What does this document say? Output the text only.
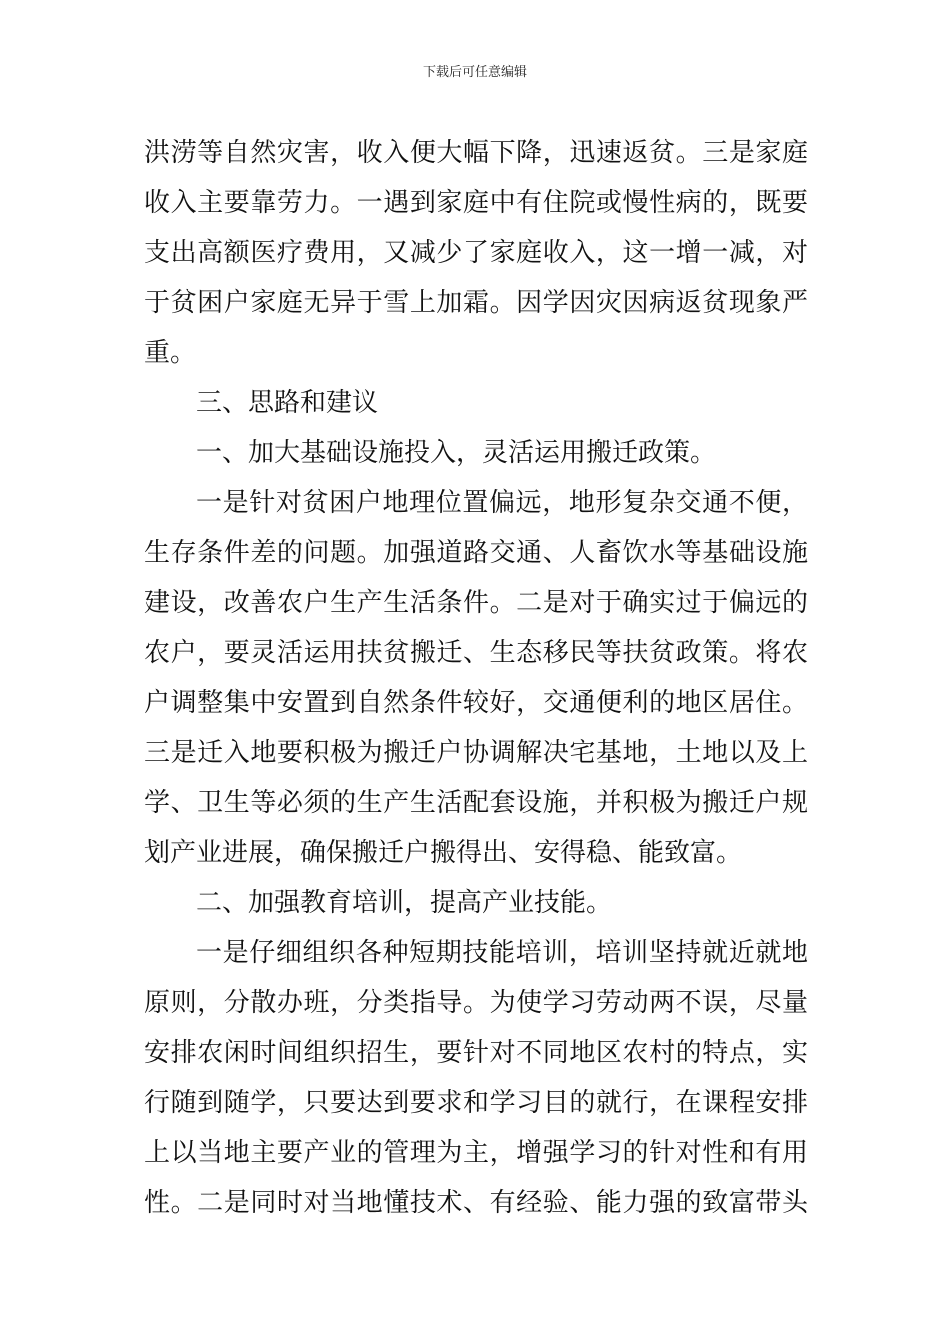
下载后可任意编辑
洪涝等自然灾害，收入便大幅下降，迅速返贫。三是家庭
收入主要靠劳力。一遇到家庭中有住院或慢性病的，既要
支出高额医疗费用，又减少了家庭收入，这一增一减，对
于贫困户家庭无异于雪上加霜。因学因灾因病返贫现象严
重。
三、思路和建议
一、加大基础设施投入，灵活运用搬迁政策。
一是针对贫困户地理位置偏远，地形复杂交通不便，
生存条件差的问题。加强道路交通、人畜饮水等基础设施
建设，改善农户生产生活条件。二是对于确实过于偏远的
农户，要灵活运用扶贫搬迁、生态移民等扶贫政策。将农
户调整集中安置到自然条件较好，交通便利的地区居住。
三是迁入地要积极为搬迁户协调解决宅基地，土地以及上
学、卫生等必须的生产生活配套设施，并积极为搬迁户规
划产业进展，确保搬迁户搬得出、安得稳、能致富。
二、加强教育培训，提高产业技能。
一是仔细组织各种短期技能培训，培训坚持就近就地
原则，分散办班，分类指导。为使学习劳动两不误，尽量
安排农闲时间组织招生，要针对不同地区农村的特点，实
行随到随学，只要达到要求和学习目的就行，在课程安排
上以当地主要产业的管理为主，增强学习的针对性和有用
性。二是同时对当地懂技术、有经验、能力强的致富带头
